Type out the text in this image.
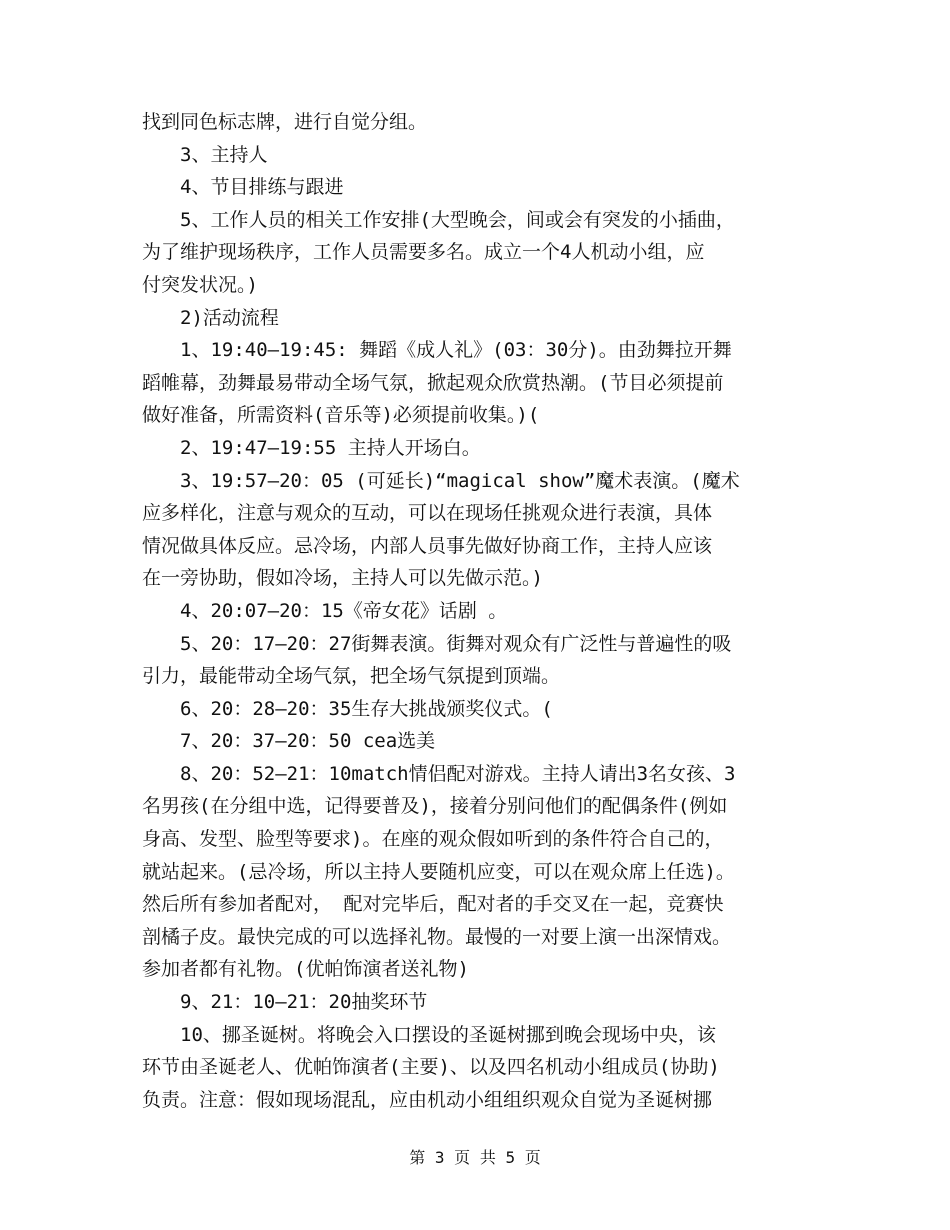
找到同色标志牌，进行自觉分组。

3、主持人

4、节目排练与跟进

5、工作人员的相关工作安排(大型晚会，间或会有突发的小插曲，

为了维护现场秩序，工作人员需要多名。成立一个4人机动小组，应

付突发状况。)

2)活动流程

1、19:40—19:45: 舞蹈《成人礼》(03：30分)。由劲舞拉开舞

蹈帷幕，劲舞最易带动全场气氛，掀起观众欣赏热潮。(节目必须提前

做好准备，所需资料(音乐等)必须提前收集。)(

2、19:47—19:55 主持人开场白。

3、19:57—20：05 (可延长)“magical show”魔术表演。(魔术

应多样化，注意与观众的互动，可以在现场任挑观众进行表演，具体

情况做具体反应。忌冷场，内部人员事先做好协商工作，主持人应该

在一旁协助，假如冷场，主持人可以先做示范。)

4、20:07—20：15《帝女花》话剧 。

5、20：17—20：27街舞表演。街舞对观众有广泛性与普遍性的吸

引力，最能带动全场气氛，把全场气氛提到顶端。

6、20：28—20：35生存大挑战颁奖仪式。(

7、20：37—20：50 cea选美

8、20：52—21：10match情侣配对游戏。主持人请出3名女孩、3

名男孩(在分组中选，记得要普及)，接着分别问他们的配偶条件(例如

身高、发型、脸型等要求)。在座的观众假如听到的条件符合自己的，

就站起来。(忌冷场，所以主持人要随机应变，可以在观众席上任选)。

然后所有参加者配对， 配对完毕后，配对者的手交叉在一起，竞赛快

剖橘子皮。最快完成的可以选择礼物。最慢的一对要上演一出深情戏。

参加者都有礼物。(优帕饰演者送礼物)

9、21：10—21：20抽奖环节

10、挪圣诞树。将晚会入口摆设的圣诞树挪到晚会现场中央，该

环节由圣诞老人、优帕饰演者(主要)、以及四名机动小组成员(协助)

负责。注意：假如现场混乱，应由机动小组组织观众自觉为圣诞树挪

第 3 页 共 5 页
